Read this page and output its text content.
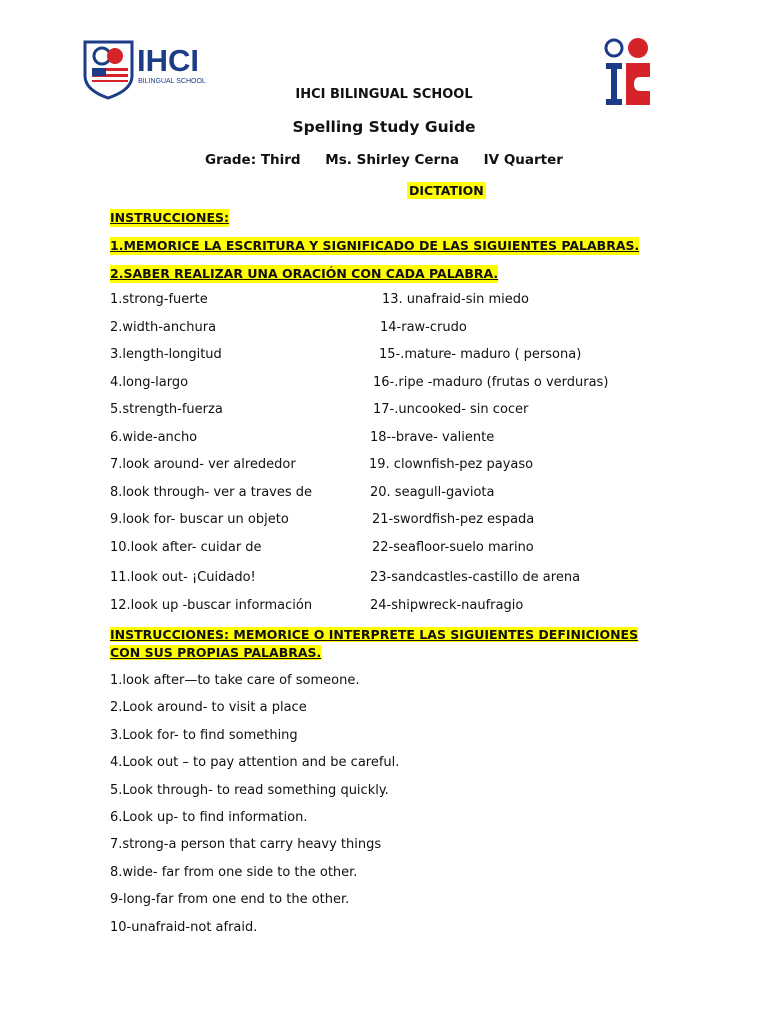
IHCI
BILINGUAL SCHOOL
IHCI BILINGUAL SCHOOL
Spelling Study Guide
Grade: Third Ms. Shirley Cerna IV Quarter
DICTATION
INSTRUCCIONES:
1.MEMORICE LA ESCRITURA Y SIGNIFICADO DE LAS SIGUIENTES PALABRAS.
2.SABER REALIZAR UNA ORACIÓN CON CADA PALABRA.
1.strong-fuerte
2.width-anchura
3.length-longitud
4.long-largo
5.strength-fuerza
6.wide-ancho
7.look around- ver alrededor
8.look through- ver a traves de
9.look for- buscar un objeto
10.look after- cuidar de
11.look out- ¡Cuidado!
12.look up -buscar información
13. unafraid-sin miedo
14-raw-crudo
15-.mature- maduro ( persona)
16-.ripe -maduro (frutas o verduras)
17-.uncooked- sin cocer
18--brave- valiente
19. clownfish-pez payaso
20. seagull-gaviota
21-swordfish-pez espada
22-seafloor-suelo marino
23-sandcastles-castillo de arena
24-shipwreck-naufragio
INSTRUCCIONES: MEMORICE O INTERPRETE LAS SIGUIENTES DEFINICIONES CON SUS PROPIAS PALABRAS.
1.look after—to take care of someone.
2.Look around- to visit a place
3.Look for- to find something
4.Look out – to pay attention and be careful.
5.Look through- to read something quickly.
6.Look up- to find information.
7.strong-a person that carry heavy things
8.wide- far from one side to the other.
9-long-far from one end to the other.
10-unafraid-not afraid.
